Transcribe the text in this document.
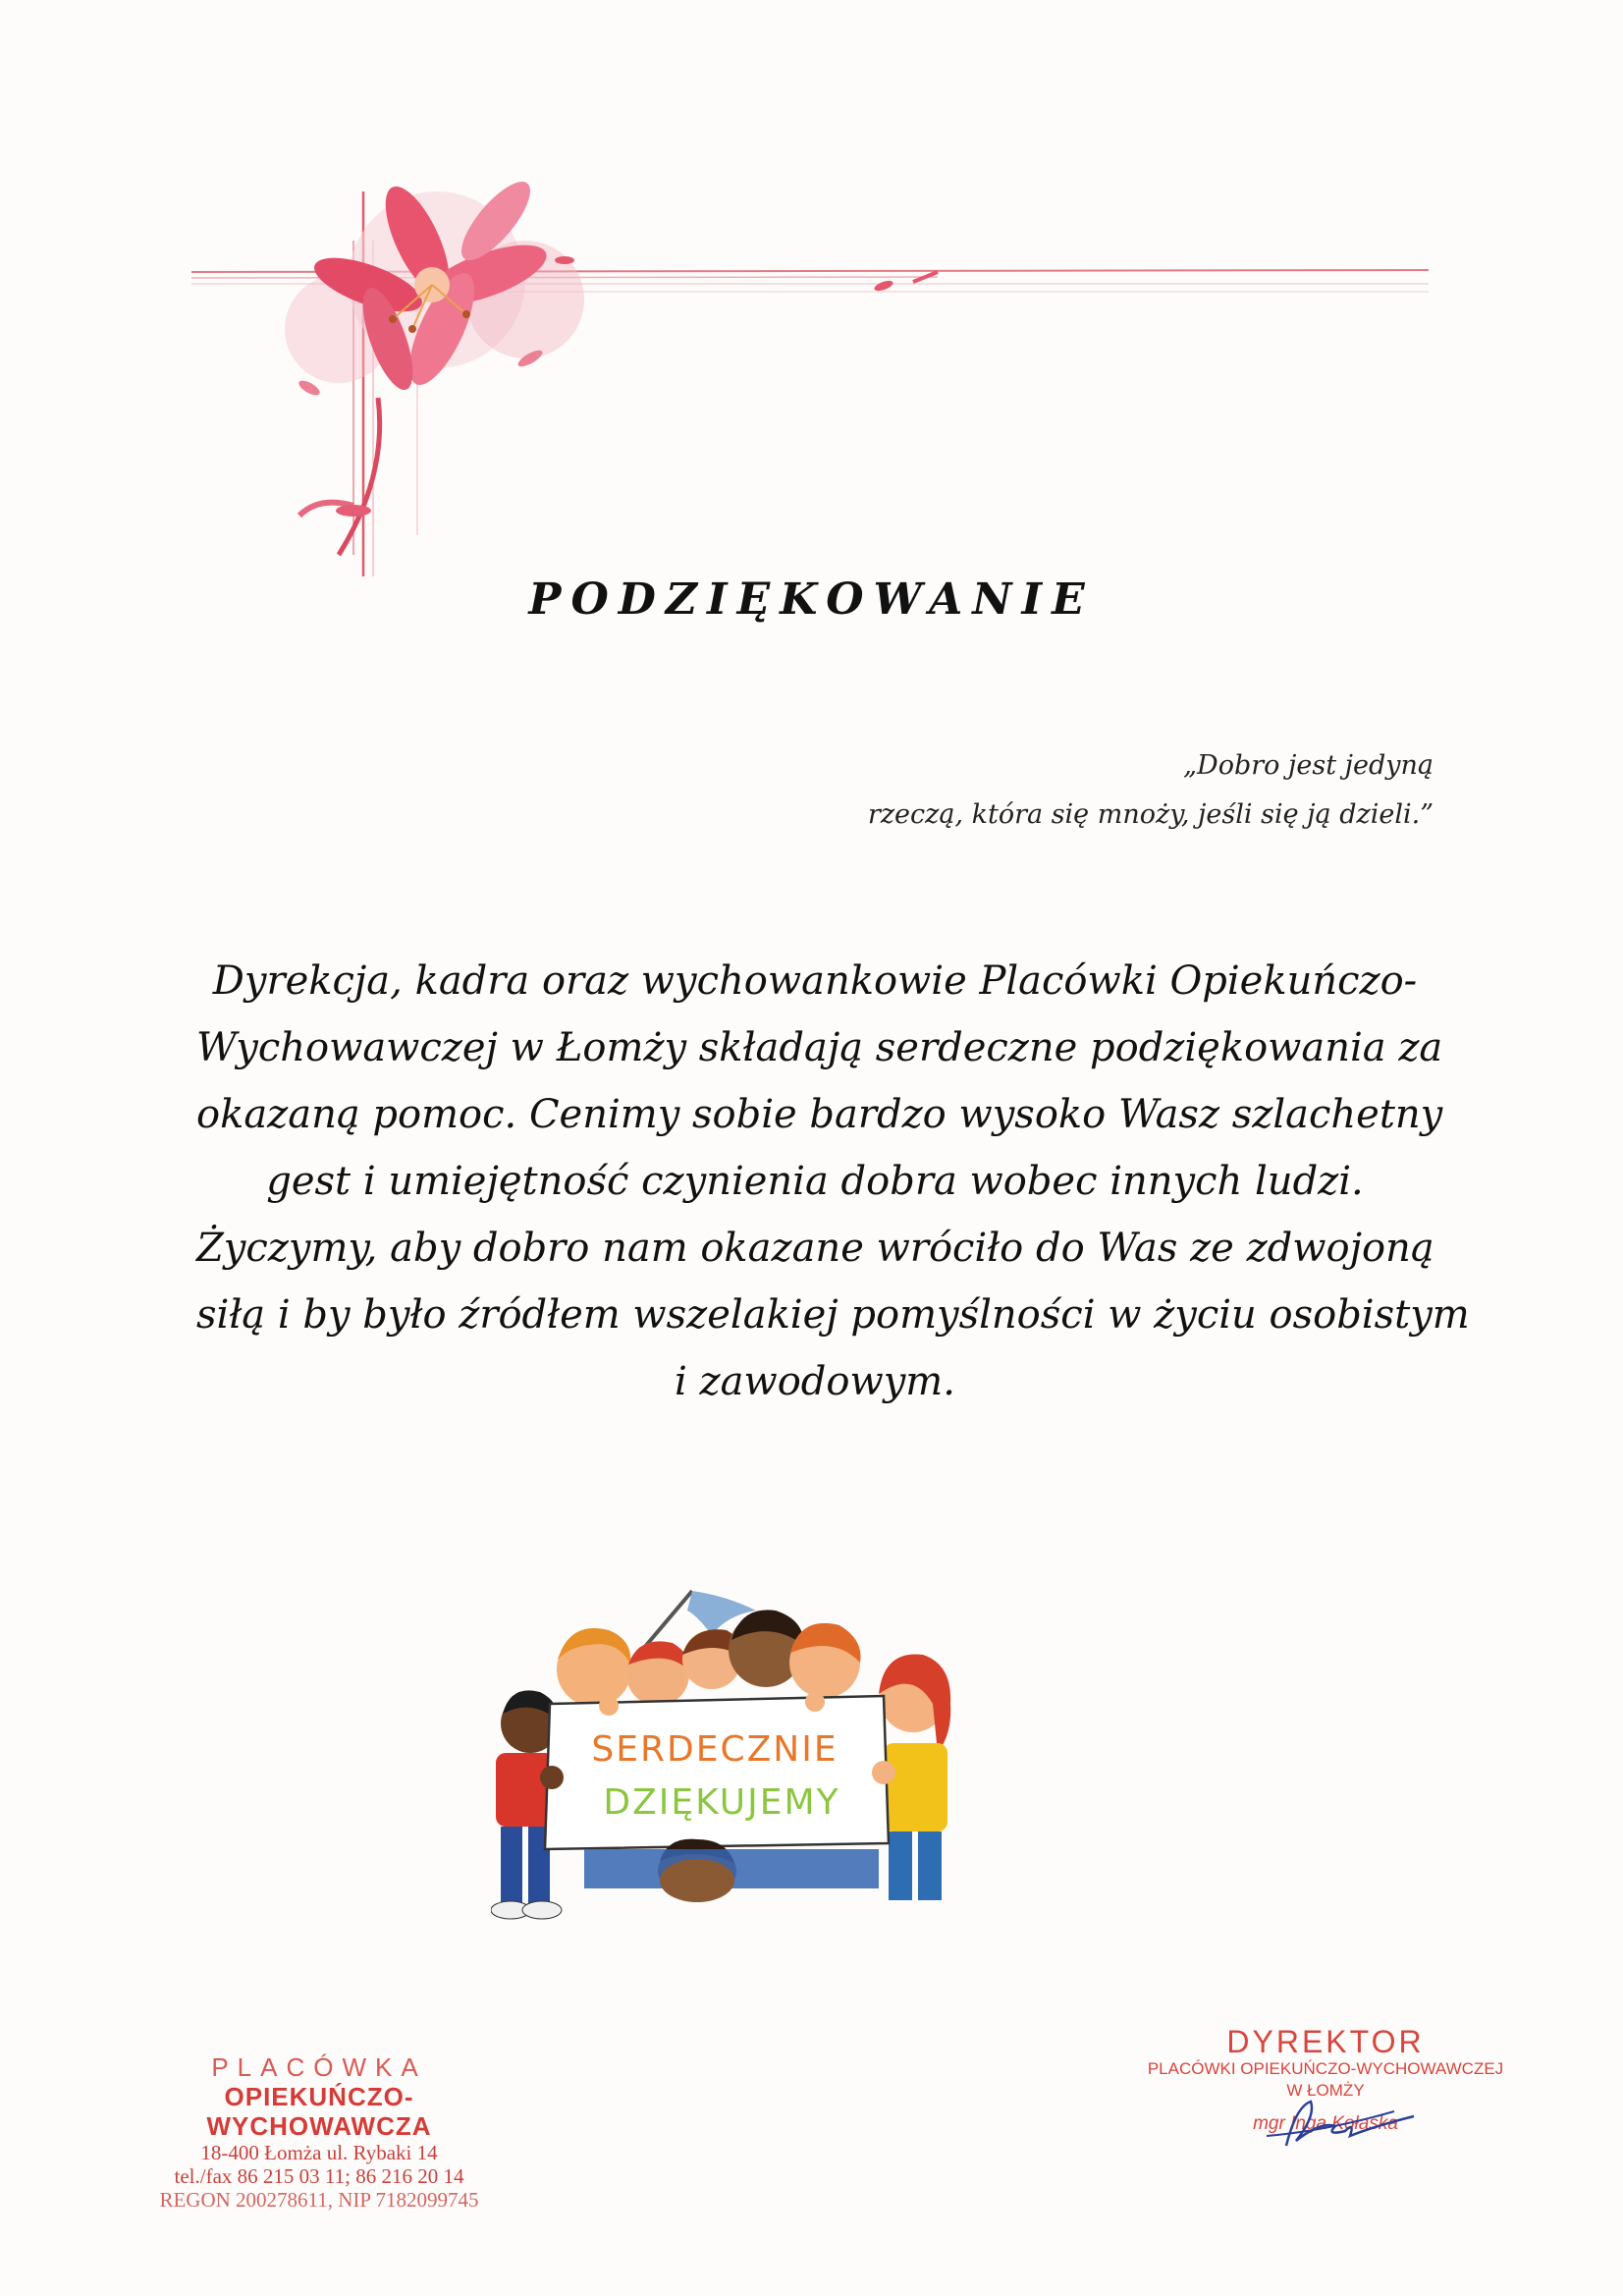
PODZIĘKOWANIE
„Dobro jest jedyną
rzeczą, która się mnoży, jeśli się ją dzieli.”
Dyrekcja, kadra oraz wychowankowie Placówki Opiekuńczo-
Wychowawczej w Łomży składają serdeczne podziękowania za
okazaną pomoc. Cenimy sobie bardzo wysoko Wasz szlachetny
gest i umiejętność czynienia dobra wobec innych ludzi.
Życzymy, aby dobro nam okazane wróciło do Was ze zdwojoną
siłą i by było źródłem wszelakiej pomyślności w życiu osobistym
i zawodowym.
SERDECZNIE
DZIĘKUJEMY
PLACÓWKA
OPIEKUŃCZO-WYCHOWAWCZA
18-400 Łomża ul. Rybaki 14
tel./fax 86 215 03 11; 86 216 20 14
REGON 200278611, NIP 7182099745
DYREKTOR
PLACÓWKI OPIEKUŃCZO-WYCHOWAWCZEJ
W ŁOMŻY
mgr Inga Kołaska
